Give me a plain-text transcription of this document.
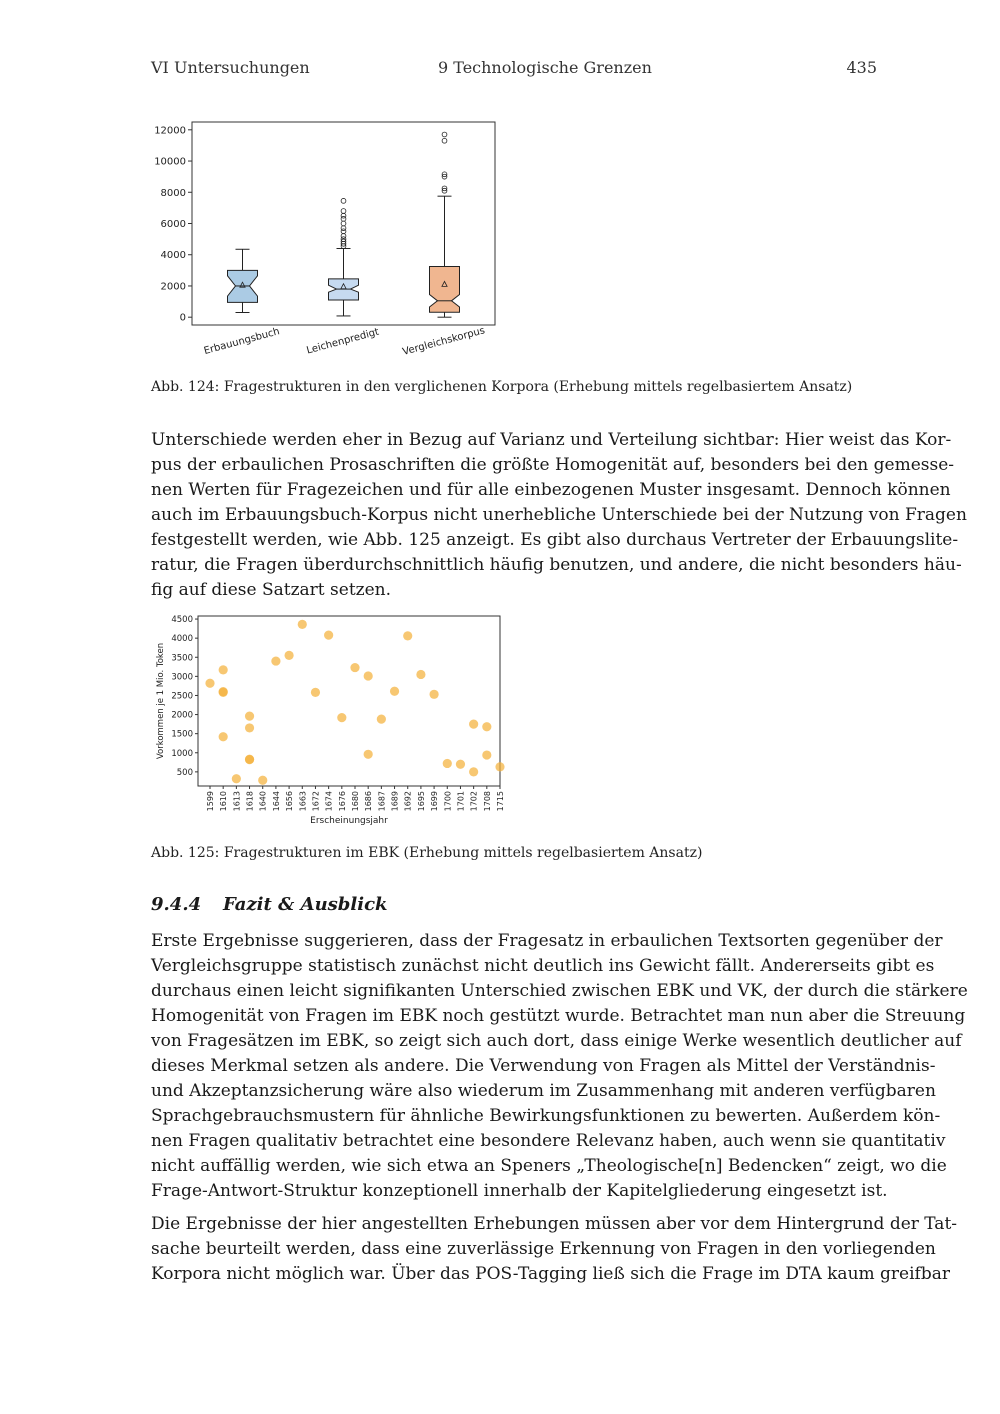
VI Untersuchungen	9 Technologische Grenzen	435
0
2000
4000
6000
8000
10000
12000
Erbauungsbuch Leichenpredigt Vergleichskorpus
Abb. 124: Fragestrukturen in den verglichenen Korpora (Erhebung mittels regelbasiertem Ansatz)
Unterschiede werden eher in Bezug auf Varianz und Verteilung sichtbar: Hier weist das Kor-
pus der erbaulichen Prosaschriften die größte Homogenität auf, besonders bei den gemesse-
nen Werten für Fragezeichen und für alle einbezogenen Muster insgesamt. Dennoch können
auch im Erbauungsbuch-Korpus nicht unerhebliche Unterschiede bei der Nutzung von Fragen
festgestellt werden, wie Abb. 125 anzeigt. Es gibt also durchaus Vertreter der Erbauungslite-
ratur, die Fragen überdurchschnittlich häufig benutzen, und andere, die nicht besonders häu-
fig auf diese Satzart setzen.
500
1000
1500
2000
2500
3000
3500
4000
4500
1599 1610 1613 1618 1640 1644 1656 1663 1672 1674 1676 1680 1686 1687 1689 1692 1695 1699 1700 1701 1702 1708 1715
Erscheinungsjahr
Vorkommen je 1 Mio. Token
Abb. 125: Fragestrukturen im EBK (Erhebung mittels regelbasiertem Ansatz)
9.4.4 Fazit & Ausblick
Erste Ergebnisse suggerieren, dass der Fragesatz in erbaulichen Textsorten gegenüber der
Vergleichsgruppe statistisch zunächst nicht deutlich ins Gewicht fällt. Andererseits gibt es
durchaus einen leicht signifikanten Unterschied zwischen EBK und VK, der durch die stärkere
Homogenität von Fragen im EBK noch gestützt wurde. Betrachtet man nun aber die Streuung
von Fragesätzen im EBK, so zeigt sich auch dort, dass einige Werke wesentlich deutlicher auf
dieses Merkmal setzen als andere. Die Verwendung von Fragen als Mittel der Verständnis-
und Akzeptanzsicherung wäre also wiederum im Zusammenhang mit anderen verfügbaren
Sprachgebrauchsmustern für ähnliche Bewirkungsfunktionen zu bewerten. Außerdem kön-
nen Fragen qualitativ betrachtet eine besondere Relevanz haben, auch wenn sie quantitativ
nicht auffällig werden, wie sich etwa an Speners „Theologische[n] Bedencken“ zeigt, wo die
Frage-Antwort-Struktur konzeptionell innerhalb der Kapitelgliederung eingesetzt ist.
Die Ergebnisse der hier angestellten Erhebungen müssen aber vor dem Hintergrund der Tat-
sache beurteilt werden, dass eine zuverlässige Erkennung von Fragen in den vorliegenden
Korpora nicht möglich war. Über das POS-Tagging ließ sich die Frage im DTA kaum greifbar
